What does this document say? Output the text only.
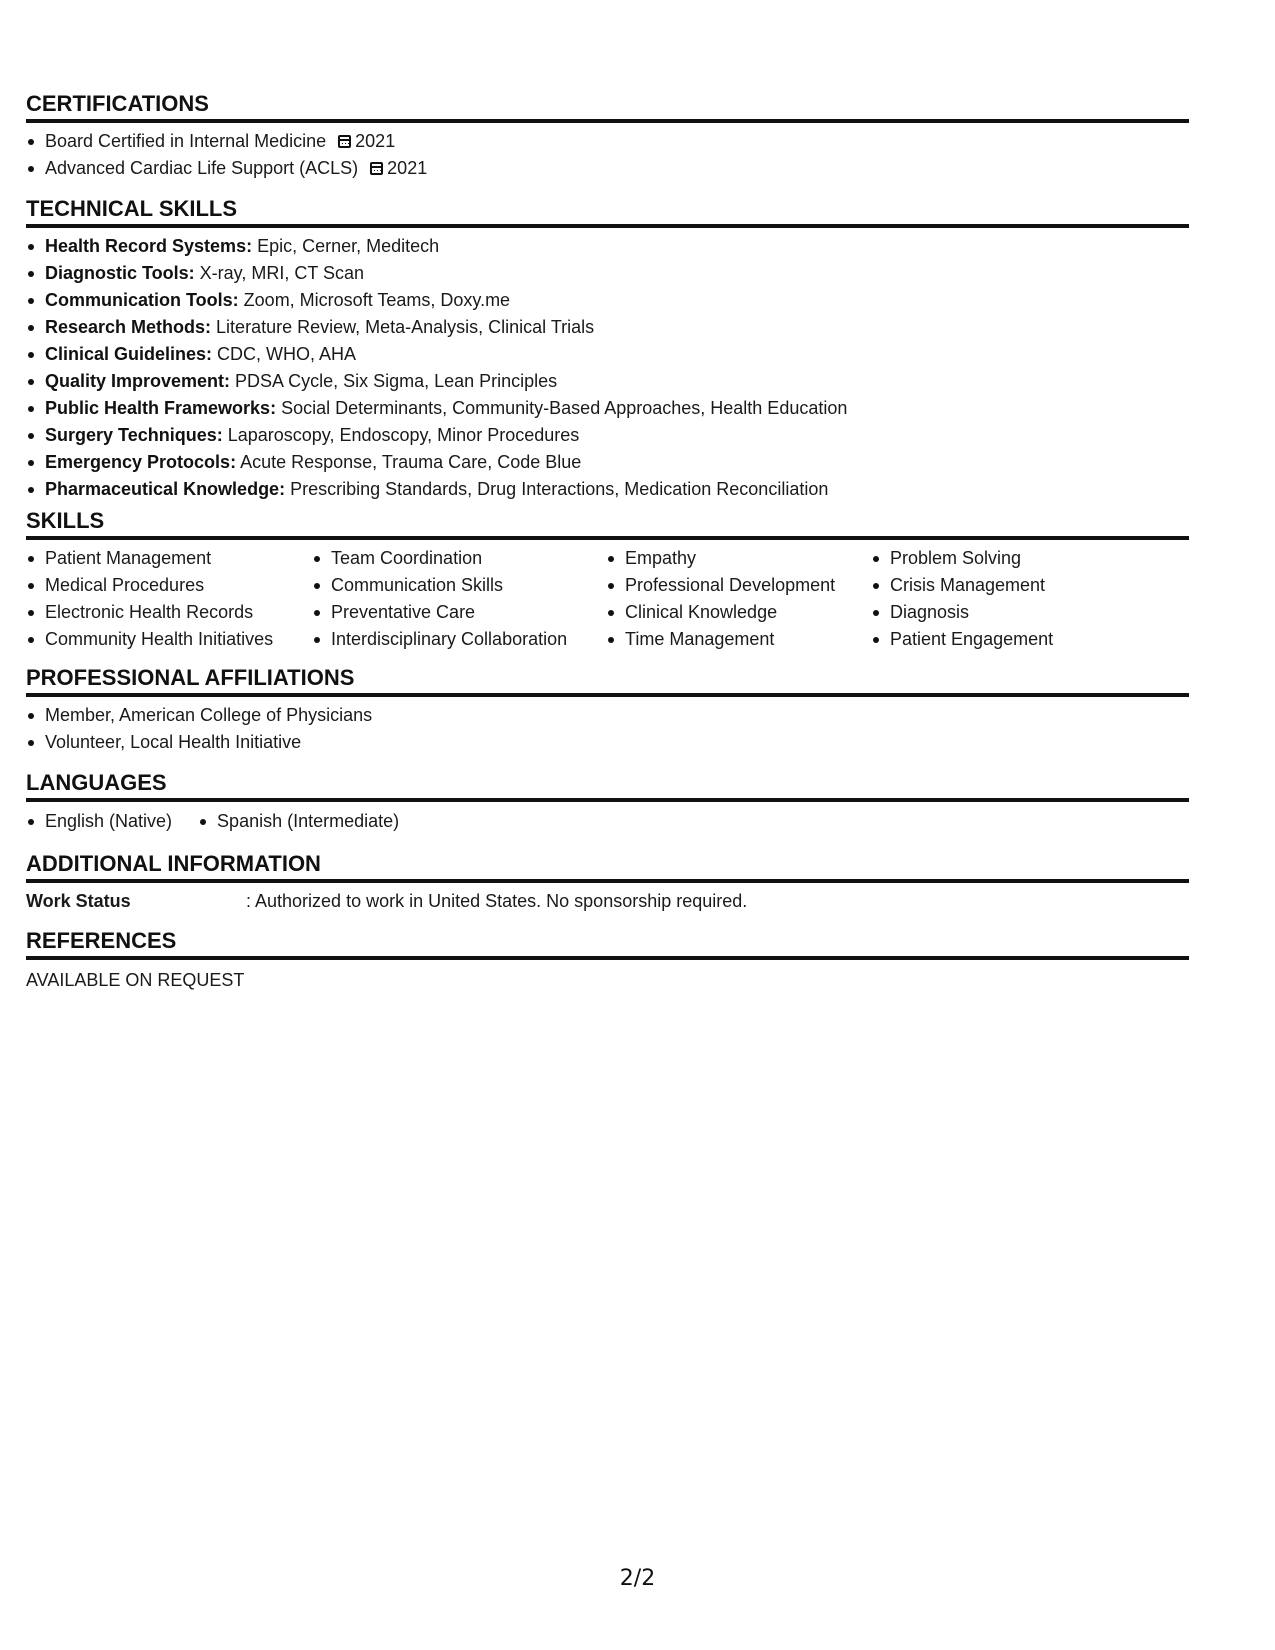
CERTIFICATIONS
Board Certified in Internal Medicine 2021
Advanced Cardiac Life Support (ACLS) 2021
TECHNICAL SKILLS
Health Record Systems: Epic, Cerner, Meditech
Diagnostic Tools: X-ray, MRI, CT Scan
Communication Tools: Zoom, Microsoft Teams, Doxy.me
Research Methods: Literature Review, Meta-Analysis, Clinical Trials
Clinical Guidelines: CDC, WHO, AHA
Quality Improvement: PDSA Cycle, Six Sigma, Lean Principles
Public Health Frameworks: Social Determinants, Community-Based Approaches, Health Education
Surgery Techniques: Laparoscopy, Endoscopy, Minor Procedures
Emergency Protocols: Acute Response, Trauma Care, Code Blue
Pharmaceutical Knowledge: Prescribing Standards, Drug Interactions, Medication Reconciliation
SKILLS
Patient Management
Medical Procedures
Electronic Health Records
Community Health Initiatives
Team Coordination
Communication Skills
Preventative Care
Interdisciplinary Collaboration
Empathy
Professional Development
Clinical Knowledge
Time Management
Problem Solving
Crisis Management
Diagnosis
Patient Engagement
PROFESSIONAL AFFILIATIONS
Member, American College of Physicians
Volunteer, Local Health Initiative
LANGUAGES
English (Native)	Spanish (Intermediate)
ADDITIONAL INFORMATION
Work Status	: Authorized to work in United States. No sponsorship required.
REFERENCES
AVAILABLE ON REQUEST
2/2
